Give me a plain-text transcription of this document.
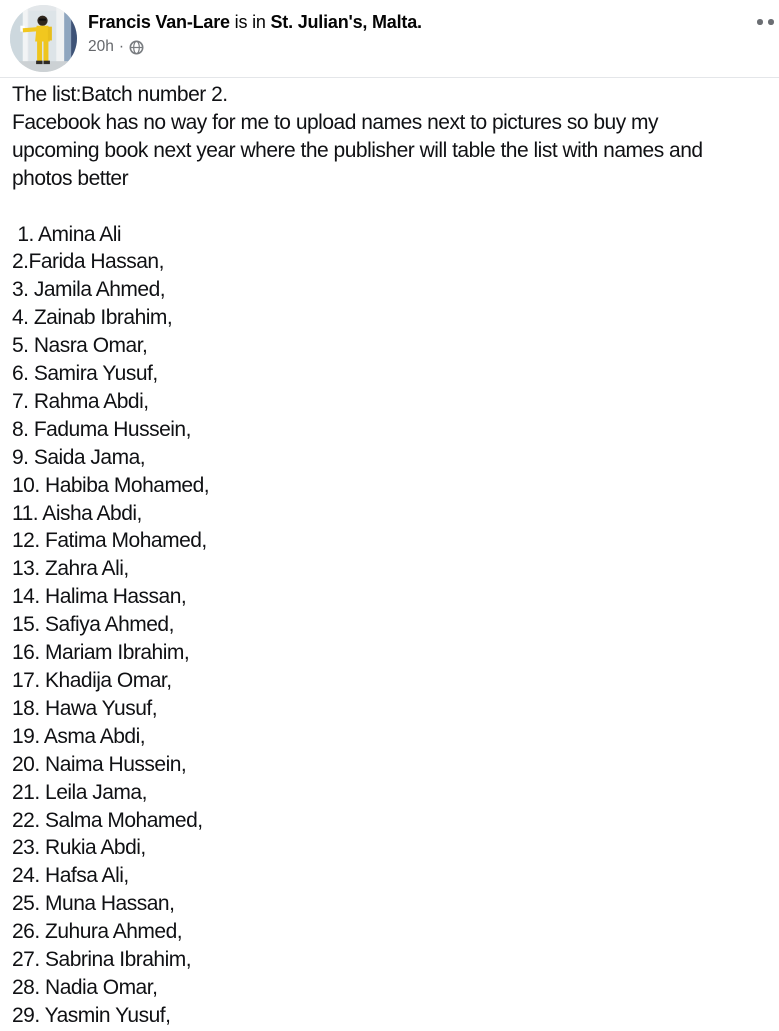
Francis Van-Lare is in St. Julian's, Malta.
20h ·
The list:Batch number 2.
Facebook has no way for me to upload names next to pictures so buy my
upcoming book next year where the publisher will table the list with names and
photos better
1. Amina Ali
2.Farida Hassan,
3. Jamila Ahmed,
4. Zainab Ibrahim,
5. Nasra Omar,
6. Samira Yusuf,
7. Rahma Abdi,
8. Faduma Hussein,
9. Saida Jama,
10. Habiba Mohamed,
11. Aisha Abdi,
12. Fatima Mohamed,
13. Zahra Ali,
14. Halima Hassan,
15. Safiya Ahmed,
16. Mariam Ibrahim,
17. Khadija Omar,
18. Hawa Yusuf,
19. Asma Abdi,
20. Naima Hussein,
21. Leila Jama,
22. Salma Mohamed,
23. Rukia Abdi,
24. Hafsa Ali,
25. Muna Hassan,
26. Zuhura Ahmed,
27. Sabrina Ibrahim,
28. Nadia Omar,
29. Yasmin Yusuf,
